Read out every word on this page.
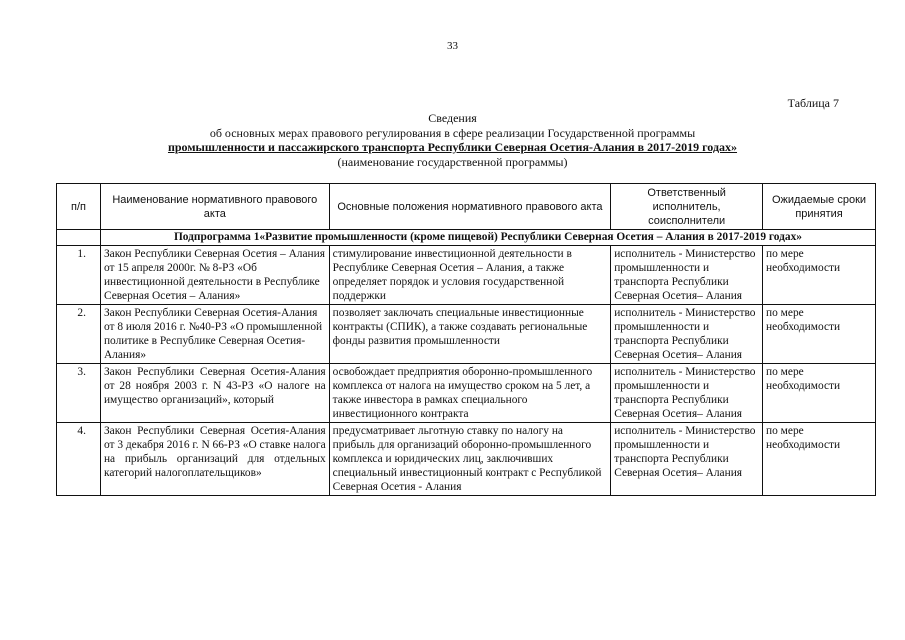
33
Таблица 7
Сведения
об основных мерах правового регулирования в сфере реализации Государственной программы
промышленности и пассажирского транспорта Республики Северная Осетия-Алания в 2017-2019 годах»
(наименование государственной программы)
п/п	Наименование нормативного правового акта	Основные положения нормативного правового акта	Ответственный исполнитель, соисполнители	Ожидаемые сроки принятия
	Подпрограмма 1«Развитие промышленности (кроме пищевой) Республики Северная Осетия – Алания в 2017-2019 годах»			
1.	Закон Республики Северная Осетия – Алания от 15 апреля 2000г. № 8-РЗ «Об инвестиционной деятельности в Республике Северная Осетия – Алания»	стимулирование инвестиционной деятельности в Республике Северная Осетия – Алания, а также определяет порядок и условия государственной поддержки	исполнитель - Министерство промышленности и транспорта Республики Северная Осетия– Алания	по мере необходимости
2.	Закон Республики Северная Осетия-Алания от 8 июля 2016 г. №40-РЗ «О промышленной политике в Республике Северная Осетия-Алания»	позволяет заключать специальные инвестиционные контракты (СПИК), а также создавать региональные фонды развития промышленности	исполнитель - Министерство промышленности и транспорта Республики Северная Осетия– Алания	по мере необходимости
3.	Закон Республики Северная Осетия-Алания от 28 ноября 2003 г. N 43-РЗ «О налоге на имущество организаций», который	освобождает предприятия оборонно-промышленного комплекса от налога на имущество сроком на 5 лет, а также инвестора в рамках специального инвестиционного контракта	исполнитель - Министерство промышленности и транспорта Республики Северная Осетия– Алания	по мере необходимости
4.	Закон Республики Северная Осетия-Алания от 3 декабря 2016 г. N 66-РЗ «О ставке налога на прибыль организаций для отдельных категорий налогоплательщиков»	предусматривает льготную ставку по налогу на прибыль для организаций оборонно-промышленного комплекса и юридических лиц, заключивших специальный инвестиционный контракт с Республикой Северная Осетия - Алания	исполнитель - Министерство промышленности и транспорта Республики Северная Осетия– Алания	по мере необходимости
